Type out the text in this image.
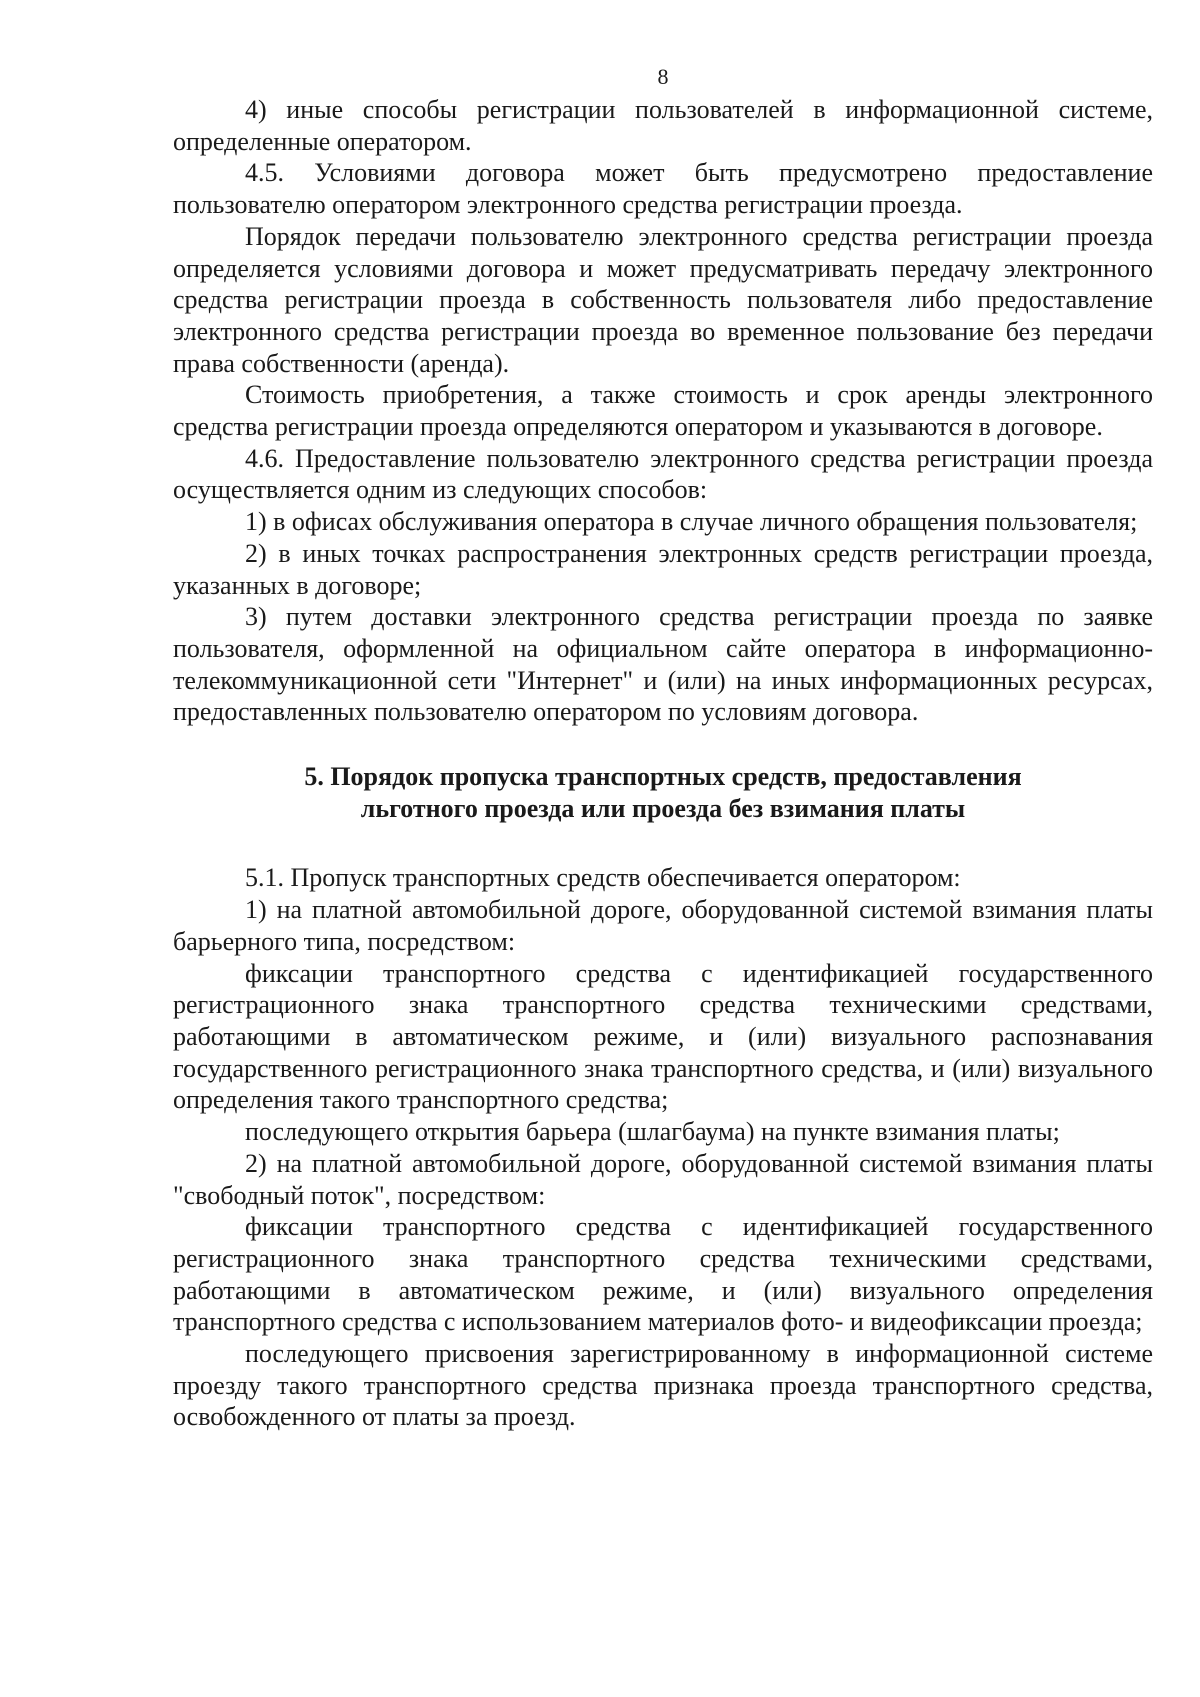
8

4) иные способы регистрации пользователей в информационной системе, определенные оператором.

4.5. Условиями договора может быть предусмотрено предоставление пользователю оператором электронного средства регистрации проезда.

Порядок передачи пользователю электронного средства регистрации проезда определяется условиями договора и может предусматривать передачу электронного средства регистрации проезда в собственность пользователя либо предоставление электронного средства регистрации проезда во временное пользование без передачи права собственности (аренда).

Стоимость приобретения, а также стоимость и срок аренды электронного средства регистрации проезда определяются оператором и указываются в договоре.

4.6. Предоставление пользователю электронного средства регистрации проезда осуществляется одним из следующих способов:

1) в офисах обслуживания оператора в случае личного обращения пользователя;

2) в иных точках распространения электронных средств регистрации проезда, указанных в договоре;

3) путем доставки электронного средства регистрации проезда по заявке пользователя, оформленной на официальном сайте оператора в информационно-телекоммуникационной сети "Интернет" и (или) на иных информационных ресурсах, предоставленных пользователю оператором по условиям договора.

5. Порядок пропуска транспортных средств, предоставления
льготного проезда или проезда без взимания платы

5.1. Пропуск транспортных средств обеспечивается оператором:

1) на платной автомобильной дороге, оборудованной системой взимания платы барьерного типа, посредством:

фиксации транспортного средства с идентификацией государственного регистрационного знака транспортного средства техническими средствами, работающими в автоматическом режиме, и (или) визуального распознавания государственного регистрационного знака транспортного средства, и (или) визуального определения такого транспортного средства;

последующего открытия барьера (шлагбаума) на пункте взимания платы;

2) на платной автомобильной дороге, оборудованной системой взимания платы "свободный поток", посредством:

фиксации транспортного средства с идентификацией государственного регистрационного знака транспортного средства техническими средствами, работающими в автоматическом режиме, и (или) визуального определения транспортного средства с использованием материалов фото- и видеофиксации проезда;

последующего присвоения зарегистрированному в информационной системе проезду такого транспортного средства признака проезда транспортного средства, освобожденного от платы за проезд.
